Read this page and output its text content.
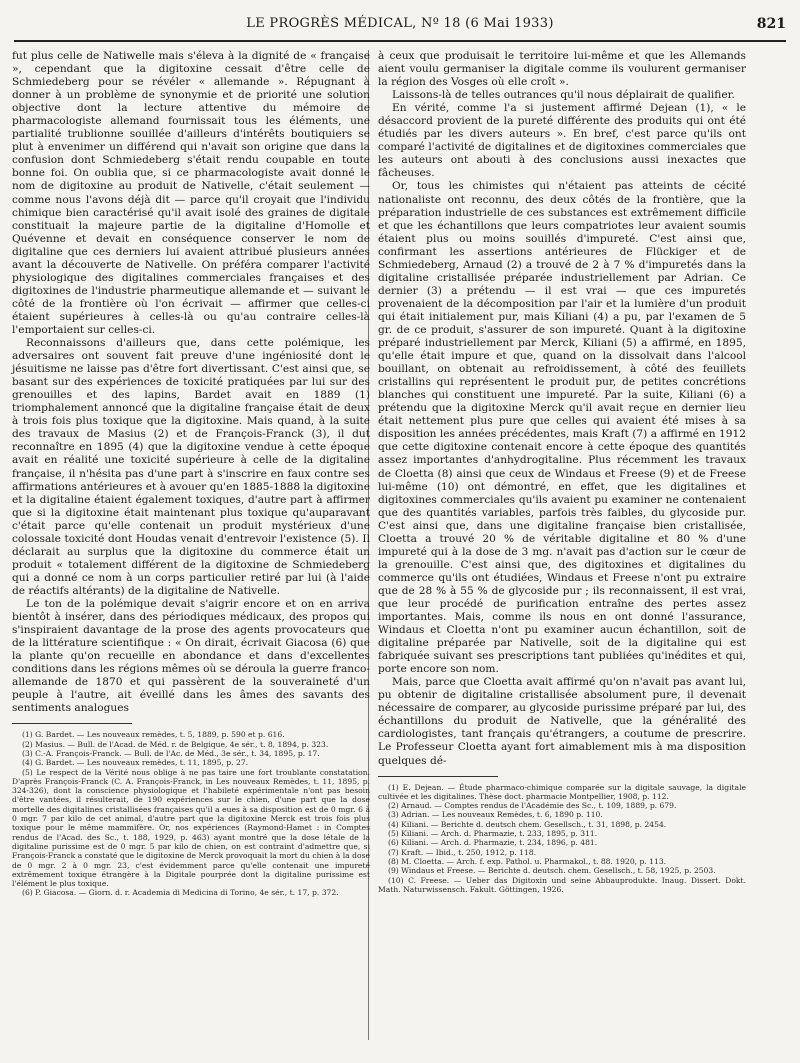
LE PROGRÈS MÉDICAL, Nº 18 (6 Mai 1933)	821

fut plus celle de Natiwelle mais s'éleva à la dignité de « française », cependant que la digitoxine cessait d'être celle de Schmiedeberg pour se révéler « allemande ». Répugnant à donner à un problème de synonymie et de priorité une solution objective dont la lecture attentive du mémoire de pharmacologiste allemand fournissait tous les éléments, une partialité trublionne souillée d'ailleurs d'intérêts boutiquiers se plut à envenimer un différend qui n'avait son origine que dans la confusion dont Schmiedeberg s'était rendu coupable en toute bonne foi. On oublia que, si ce pharmacologiste avait donné le nom de digitoxine au produit de Nativelle, c'était seulement — comme nous l'avons déjà dit — parce qu'il croyait que l'individu chimique bien caractérisé qu'il avait isolé des graines de digitale constituait la majeure partie de la digitaline d'Homolle et Quévenne et devait en conséquence conserver le nom de digitaline que ces derniers lui avaient attribué plusieurs années avant la découverte de Nativelle. On préféra comparer l'activité physiologique des digitalines commerciales françaises et des digitoxines de l'industrie pharmeutique allemande et — suivant le côté de la frontière où l'on écrivait — affirmer que celles-ci étaient supérieures à celles-là ou qu'au contraire celles-là l'emportaient sur celles-ci.

Reconnaissons d'ailleurs que, dans cette polémique, les adversaires ont souvent fait preuve d'une ingéniosité dont le jésuitisme ne laisse pas d'être fort divertissant. C'est ainsi que, se basant sur des expériences de toxicité pratiquées par lui sur des grenouilles et des lapins, Bardet avait en 1889 (1) triomphalement annoncé que la digitaline française était de deux à trois fois plus toxique que la digitoxine. Mais quand, à la suite des travaux de Masius (2) et de François-Franck (3), il dut reconnaître en 1895 (4) que la digitoxine vendue à cette époque avait en réalité une toxicité supérieure à celle de la digitaline française, il n'hésita pas d'une part à s'inscrire en faux contre ses affirmations antérieures et à avouer qu'en 1885-1888 la digitoxine et la digitaline étaient également toxiques, d'autre part à affirmer que si la digitoxine était maintenant plus toxique qu'auparavant c'était parce qu'elle contenait un produit mystérieux d'une colossale toxicité dont Houdas venait d'entrevoir l'existence (5). Il déclarait au surplus que la digitoxine du commerce était un produit « totalement différent de la digitoxine de Schmiedeberg qui a donné ce nom à un corps particulier retiré par lui (à l'aide de réactifs altérants) de la digitaline de Nativelle.

Le ton de la polémique devait s'aigrir encore et on en arriva bientôt à insérer, dans des périodiques médicaux, des propos qui s'inspiraient davantage de la prose des agents provocateurs que de la littérature scientifique : « On dirait, écrivait Giacosa (6) que la plante qu'on recueille en abondance et dans d'excellentes conditions dans les régions mêmes où se déroula la guerre franco-allemande de 1870 et qui passèrent de la souveraineté d'un peuple à l'autre, ait éveillé dans les âmes des savants des sentiments analogues

(1) G. Bardet. — Les nouveaux remèdes, t. 5, 1889, p. 590 et p. 616.

(2) Masius. — Bull. de l'Acad. de Méd. r. de Belgique, 4e sér., t. 8, 1894, p. 323.

(3) C.-A. François-Franck. — Bull. de l'Ac. de Méd., 3e sér., t. 34, 1895, p. 17.

(4) G. Bardet. — Les nouveaux remèdes, t. 11, 1895, p. 27.

(5) Le respect de la Vérité nous oblige à ne pas taire une fort troublante constatation. D'après François-Franck (C. A. François-Franck, in Les nouveaux Remèdes, t. 11, 1895, p. 324-326), dont la conscience physiologique et l'habileté expérimentale n'ont pas besoin d'être vantées, il résulterait, de 190 expériences sur le chien, d'une part que la dose mortelle des digitalines cristallisées françaises qu'il a eues à sa disposition est de 0 mgr. 6 à 0 mgr. 7 par kilo de cet animal, d'autre part que la digitoxine Merck est trois fois plus toxique pour le même mammifère. Or, nos expériences (Raymond-Hamet : in Comptes rendus de l'Acad. des Sc., t. 188, 1929, p. 463) ayant montré que la dose létale de la digitaline purissime est de 0 mgr. 5 par kilo de chien, on est contraint d'admettre que, si François-Franck a constaté que le digitoxine de Merck provoquait la mort du chien à la dose de 0 mgr. 2 à 0 mgr. 23, c'est évidemment parce qu'elle contenait une impureté extrêmement toxique étrangère à la Digitale pourprée dont la digitaline purissime est l'élément le plus toxique.

(6) P. Giacosa. — Giorn. d. r. Academia di Medicina di Torino, 4e sér., t. 17, p. 372.

à ceux que produisait le territoire lui-même et que les Allemands aient voulu germaniser la digitale comme ils voulurent germaniser la région des Vosges où elle croît ».

Laissons-là de telles outrances qu'il nous déplairait de qualifier.

En vérité, comme l'a si justement affirmé Dejean (1), « le désaccord provient de la pureté différente des produits qui ont été étudiés par les divers auteurs ». En bref, c'est parce qu'ils ont comparé l'activité de digitalines et de digitoxines commerciales que les auteurs ont abouti à des conclusions aussi inexactes que fâcheuses.

Or, tous les chimistes qui n'étaient pas atteints de cécité nationaliste ont reconnu, des deux côtés de la frontière, que la préparation industrielle de ces substances est extrêmement difficile et que les échantillons que leurs compatriotes leur avaient soumis étaient plus ou moins souillés d'impureté. C'est ainsi que, confirmant les assertions antérieures de Flückiger et de Schmiedeberg, Arnaud (2) a trouvé de 2 à 7 % d'impuretés dans la digitaline cristallisée préparée industriellement par Adrian. Ce dernier (3) a prétendu — il est vrai — que ces impuretés provenaient de la décomposition par l'air et la lumière d'un produit qui était initialement pur, mais Kiliani (4) a pu, par l'examen de 5 gr. de ce produit, s'assurer de son impureté. Quant à la digitoxine préparé industriellement par Merck, Kiliani (5) a affirmé, en 1895, qu'elle était impure et que, quand on la dissolvait dans l'alcool bouillant, on obtenait au refroidissement, à côté des feuillets cristallins qui représentent le produit pur, de petites concrétions blanches qui constituent une impureté. Par la suite, Kiliani (6) a prétendu que la digitoxine Merck qu'il avait reçue en dernier lieu était nettement plus pure que celles qui avaient été mises à sa disposition les années précédentes, mais Kraft (7) a affirmé en 1912 que cette digitoxine contenait encore à cette époque des quantités assez importantes d'anhydrogitaline. Plus récemment les travaux de Cloetta (8) ainsi que ceux de Windaus et Freese (9) et de Freese lui-même (10) ont démontré, en effet, que les digitalines et digitoxines commerciales qu'ils avaient pu examiner ne contenaient que des quantités variables, parfois très faibles, du glycoside pur. C'est ainsi que, dans une digitaline française bien cristallisée, Cloetta a trouvé 20 % de véritable digitaline et 80 % d'une impureté qui à la dose de 3 mg. n'avait pas d'action sur le cœur de la grenouille. C'est ainsi que, des digitoxines et digitalines du commerce qu'ils ont étudiées, Windaus et Freese n'ont pu extraire que de 28 % à 55 % de glycoside pur ; ils reconnaissent, il est vrai, que leur procédé de purification entraîne des pertes assez importantes. Mais, comme ils nous en ont donné l'assurance, Windaus et Cloetta n'ont pu examiner aucun échantillon, soit de digitaline préparée par Nativelle, soit de la digitaline qui est fabriquée suivant ses prescriptions tant publiées qu'inédites et qui, porte encore son nom.

Mais, parce que Cloetta avait affirmé qu'on n'avait pas avant lui, pu obtenir de digitaline cristallisée absolument pure, il devenait nécessaire de comparer, au glycoside purissime préparé par lui, des échantillons du produit de Nativelle, que la généralité des cardiologistes, tant français qu'étrangers, a coutume de prescrire. Le Professeur Cloetta ayant fort aimablement mis à ma disposition quelques dé-

(1) E. Dejean. — Étude pharmaco-chimique comparée sur la digitale sauvage, la digitale cultivée et les digitalines. Thèse doct. pharmacie Montpellier, 1908, p. 112.

(2) Arnaud. — Comptes rendus de l'Académie des Sc., t. 109, 1889, p. 679.

(3) Adrian. — Les nouveaux Remèdes, t. 6, 1890 p. 110.

(4) Kiliani. — Berichte d. deutsch chem. Gesellsch., t. 31, 1898, p. 2454.

(5) Kiliani. — Arch. d. Pharmazie, t. 233, 1895, p. 311.

(6) Kiliani. — Arch. d. Pharmazie, t. 234, 1896, p. 481.

(7) Kraft. — Ibid., t. 250, 1912, p. 118.

(8) M. Cloetta. — Arch. f. exp. Pathol. u. Pharmakol., t. 88. 1920, p. 113.

(9) Windaus et Freese. — Berichte d. deutsch. chem. Gesellsch., t. 58, 1925, p. 2503.

(10) C. Freese. — Ueber das Digitoxin und seine Abbauprodukte. Inaug. Dissert. Dokt. Math. Naturwissensch. Fakult. Göttingen, 1926.
